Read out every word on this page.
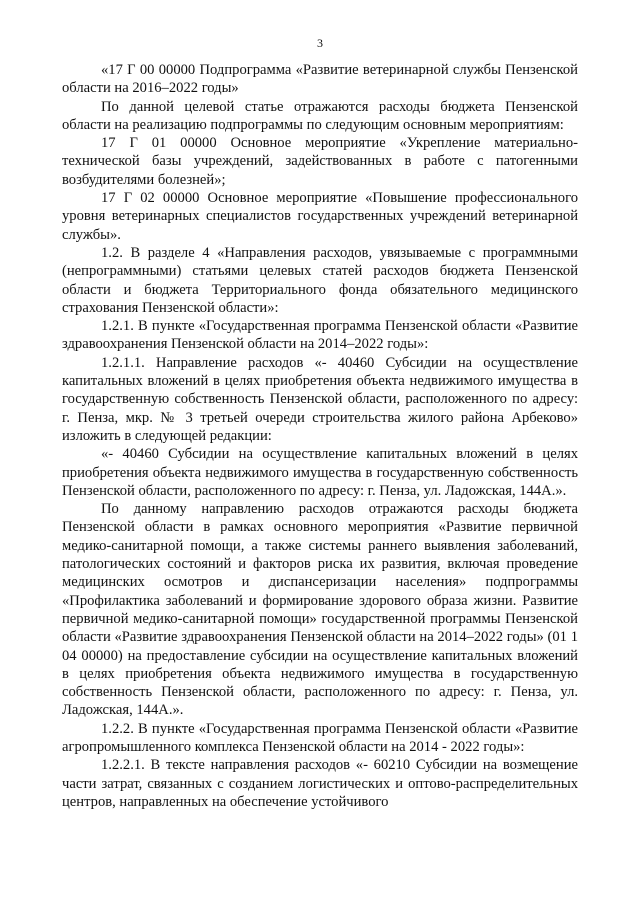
3

«17 Г 00 00000 Подпрограмма «Развитие ветеринарной службы Пензенской области на 2016–2022 годы»

По данной целевой статье отражаются расходы бюджета Пензенской области на реализацию подпрограммы по следующим основным мероприятиям:

17 Г 01 00000 Основное мероприятие «Укрепление материально-технической базы учреждений, задействованных в работе с патогенными возбудителями болезней»;

17 Г 02 00000 Основное мероприятие «Повышение профессионального уровня ветеринарных специалистов государственных учреждений ветеринарной службы».

1.2. В разделе 4 «Направления расходов, увязываемые с программными (непрограммными) статьями целевых статей расходов бюджета Пензенской области и бюджета Территориального фонда обязательного медицинского страхования Пензенской области»:

1.2.1. В пункте «Государственная программа Пензенской области «Развитие здравоохранения Пензенской области на 2014–2022 годы»:

1.2.1.1. Направление расходов «- 40460 Субсидии на осуществление капитальных вложений в целях приобретения объекта недвижимого имущества в государственную собственность Пензенской области, расположенного по адресу: г. Пенза, мкр. № 3 третьей очереди строительства жилого района Арбеково» изложить в следующей редакции:

«- 40460 Субсидии на осуществление капитальных вложений в целях приобретения объекта недвижимого имущества в государственную собственность Пензенской области, расположенного по адресу: г. Пенза, ул. Ладожская, 144А.».

По данному направлению расходов отражаются расходы бюджета Пензенской области в рамках основного мероприятия «Развитие первичной медико-санитарной помощи, а также системы раннего выявления заболеваний, патологических состояний и факторов риска их развития, включая проведение медицинских осмотров и диспансеризации населения» подпрограммы «Профилактика заболеваний и формирование здорового образа жизни. Развитие первичной медико-санитарной помощи» государственной программы Пензенской области «Развитие здравоохранения Пензенской области на 2014–2022 годы» (01 1 04 00000) на предоставление субсидии на осуществление капитальных вложений в целях приобретения объекта недвижимого имущества в государственную собственность Пензенской области, расположенного по адресу: г. Пенза, ул. Ладожская, 144А.».

1.2.2. В пункте «Государственная программа Пензенской области «Развитие агропромышленного комплекса Пензенской области на 2014 - 2022 годы»:

1.2.2.1. В тексте направления расходов «- 60210 Субсидии на возмещение части затрат, связанных с созданием логистических и оптово-распределительных центров, направленных на обеспечение устойчивого
